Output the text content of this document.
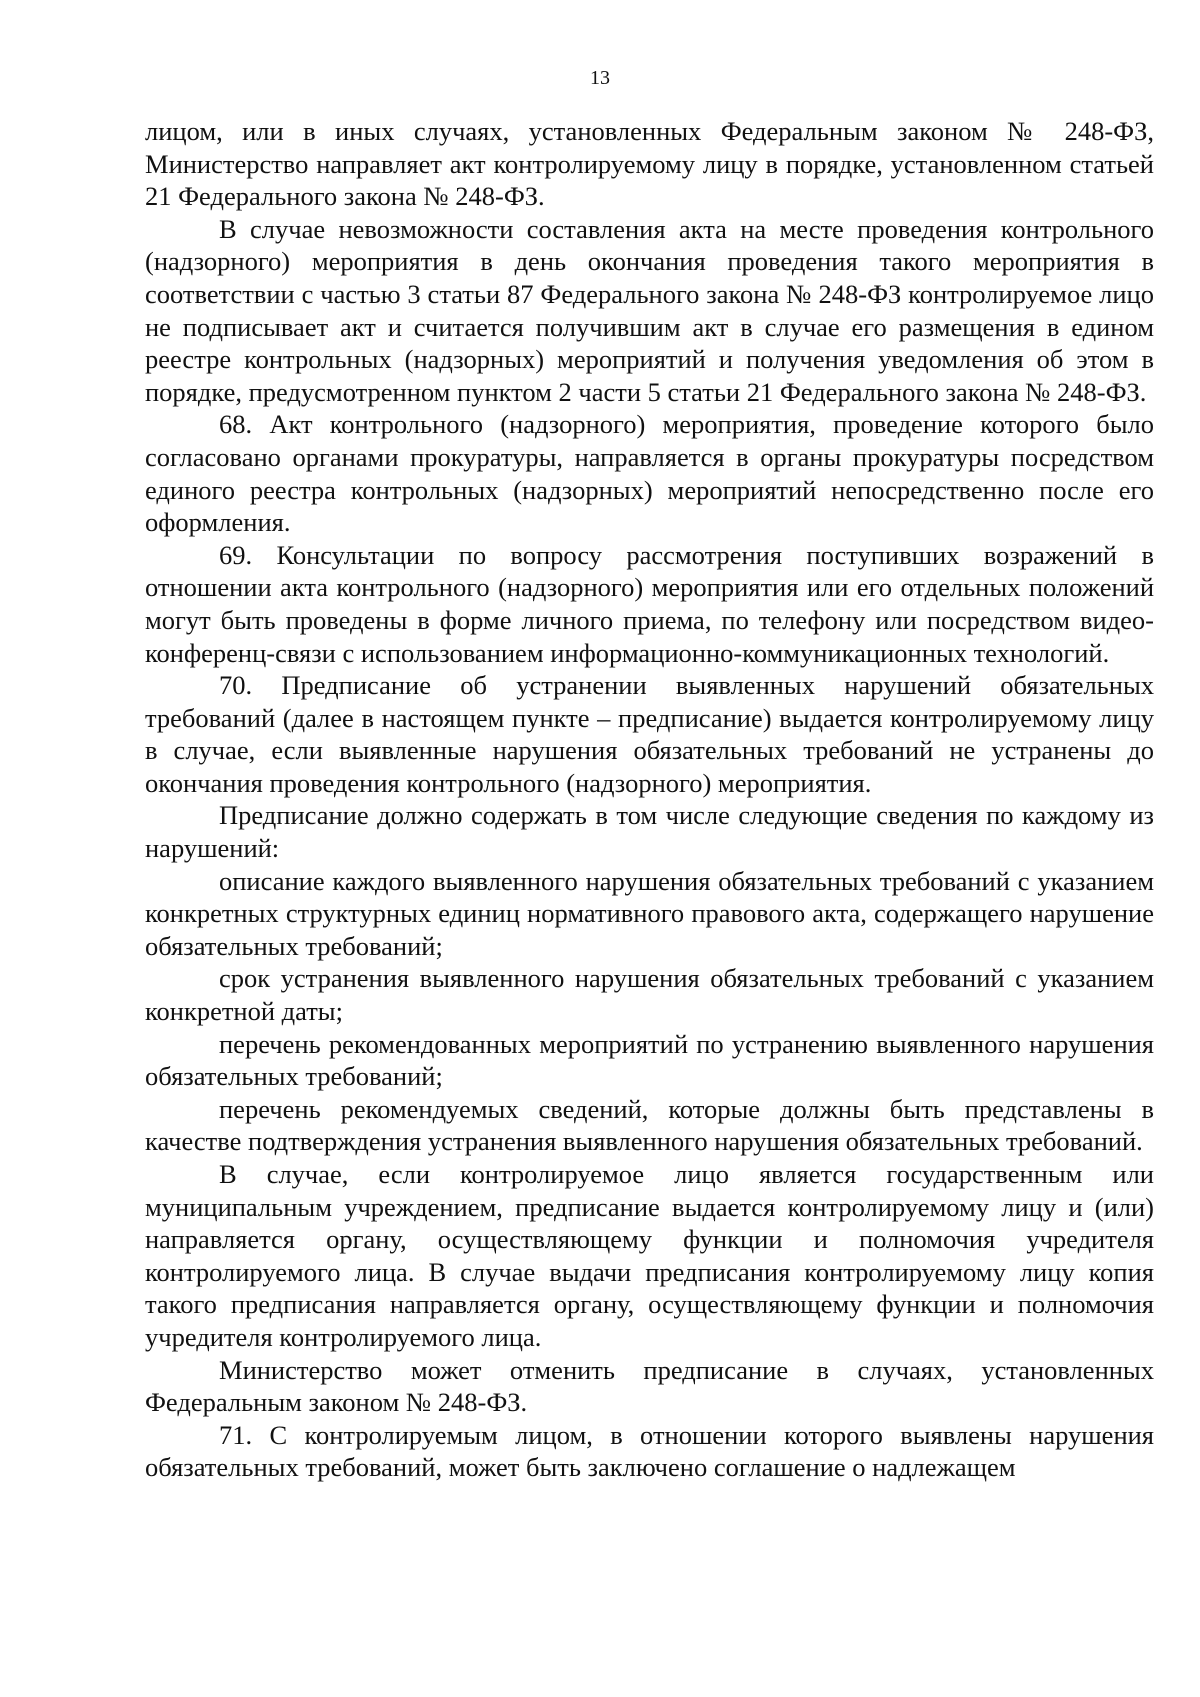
13

лицом, или в иных случаях, установленных Федеральным законом № 248-ФЗ, Министерство направляет акт контролируемому лицу в порядке, установленном статьей 21 Федерального закона № 248-ФЗ.

В случае невозможности составления акта на месте проведения контрольного (надзорного) мероприятия в день окончания проведения такого мероприятия в соответствии с частью 3 статьи 87 Федерального закона № 248-ФЗ контролируемое лицо не подписывает акт и считается получившим акт в случае его размещения в едином реестре контрольных (надзорных) мероприятий и получения уведомления об этом в порядке, предусмотренном пунктом 2 части 5 статьи 21 Федерального закона № 248-ФЗ.

68. Акт контрольного (надзорного) мероприятия, проведение которого было согласовано органами прокуратуры, направляется в органы прокуратуры посредством единого реестра контрольных (надзорных) мероприятий непосредственно после его оформления.

69. Консультации по вопросу рассмотрения поступивших возражений в отношении акта контрольного (надзорного) мероприятия или его отдельных положений могут быть проведены в форме личного приема, по телефону или посредством видео-конференц-связи с использованием информационно-коммуникационных технологий.

70. Предписание об устранении выявленных нарушений обязательных требований (далее в настоящем пункте – предписание) выдается контролируемому лицу в случае, если выявленные нарушения обязательных требований не устранены до окончания проведения контрольного (надзорного) мероприятия.

Предписание должно содержать в том числе следующие сведения по каждому из нарушений:

описание каждого выявленного нарушения обязательных требований с указанием конкретных структурных единиц нормативного правового акта, содержащего нарушение обязательных требований;

срок устранения выявленного нарушения обязательных требований с указанием конкретной даты;

перечень рекомендованных мероприятий по устранению выявленного нарушения обязательных требований;

перечень рекомендуемых сведений, которые должны быть представлены в качестве подтверждения устранения выявленного нарушения обязательных требований.

В случае, если контролируемое лицо является государственным или муниципальным учреждением, предписание выдается контролируемому лицу и (или) направляется органу, осуществляющему функции и полномочия учредителя контролируемого лица. В случае выдачи предписания контролируемому лицу копия такого предписания направляется органу, осуществляющему функции и полномочия учредителя контролируемого лица.

Министерство может отменить предписание в случаях, установленных Федеральным законом № 248-ФЗ.

71. С контролируемым лицом, в отношении которого выявлены нарушения обязательных требований, может быть заключено соглашение о надлежащем
